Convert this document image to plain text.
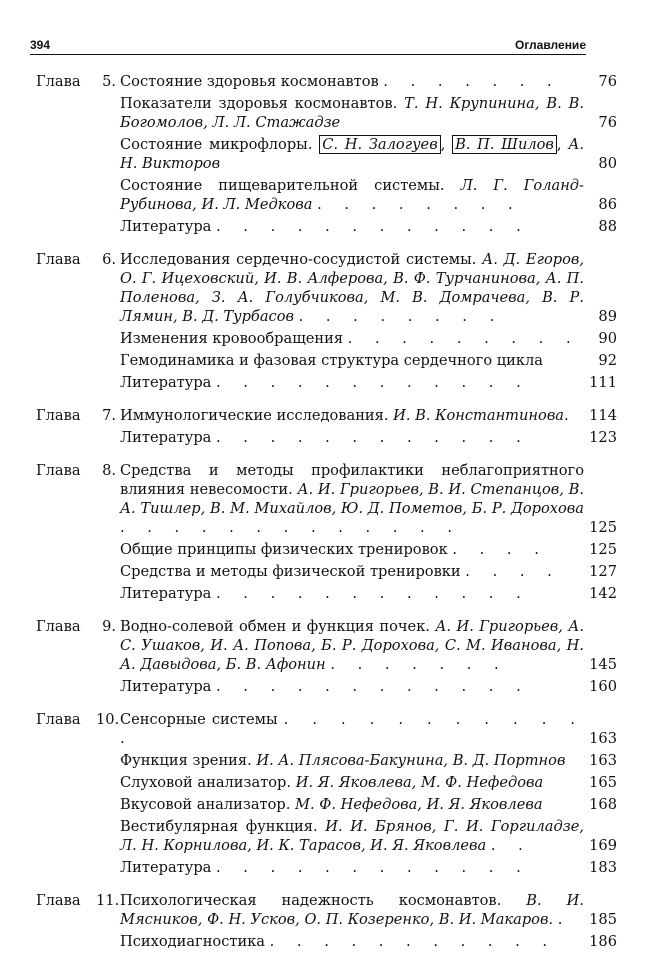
394	Оглавление
Глава	5. Состояние здоровья космонавтов . . . . . . .	76
Показатели здоровья космонавтов. Т. Н. Крупинина, В. В. Богомолов, Л. Л. Стажадзе	76
Состояние микрофлоры. С. Н. Залогуев , В. П. Шилов , А. Н. Викторов	80
Состояние пищеварительной системы. Л. Г. Голанд-Рубинова, И. Л. Медкова . . . . . . . .	86
Литература . . . . . . . . . . . .	88
Глава	6. Исследования сердечно-сосудистой системы. А. Д. Егоров, О. Г. Ицеховский, И. В. Алферова, В. Ф. Турчанинова, А. П. Поленова, З. А. Голубчикова, М. В. Домрачева, В. Р. Лямин, В. Д. Турбасов . . . . . . . .	89
Изменения кровообращения . . . . . . . . .	90
Гемодинамика и фазовая структура сердечного цикла	92
Литература . . . . . . . . . . . .	111
Глава	7. Иммунологические исследования. И. В. Константинова.	114
Литература . . . . . . . . . . . .	123
Глава	8. Средства и методы профилактики неблагоприятного влияния невесомости. А. И. Григорьев, В. И. Степанцов, В. А. Тишлер, В. М. Михайлов, Ю. Д. Пометов, Б. Р. Дорохова . . . . . . . . . . . . .	125
Общие принципы физических тренировок . . . .	125
Средства и методы физической тренировки . . . .	127
Литература . . . . . . . . . . . .	142
Глава	9. Водно-солевой обмен и функция почек. А. И. Григорьев, А. С. Ушаков, И. А. Попова, Б. Р. Дорохова, С. М. Иванова, Н. А. Давыдова, Б. В. Афонин . . . . . . .	145
Литература . . . . . . . . . . . .	160
Глава 10. Сенсорные системы . . . . . . . . . . . .	163
Функция зрения. И. А. Плясова-Бакунина, В. Д. Портнов	163
Слуховой анализатор. И. Я. Яковлева, М. Ф. Нефедова	165
Вкусовой анализатор. М. Ф. Нефедова, И. Я. Яковлева	168
Вестибулярная функция. И. И. Брянов, Г. И. Горгиладзе, Л. Н. Корнилова, И. К. Тарасов, И. Я. Яковлева . .	169
Литература . . . . . . . . . . . .	183
Глава 11. Психологическая надежность космонавтов. В. И. Мясников, Ф. Н. Усков, О. П. Козеренко, В. И. Макаров. .	185
Психодиагностика . . . . . . . . . . .	186
